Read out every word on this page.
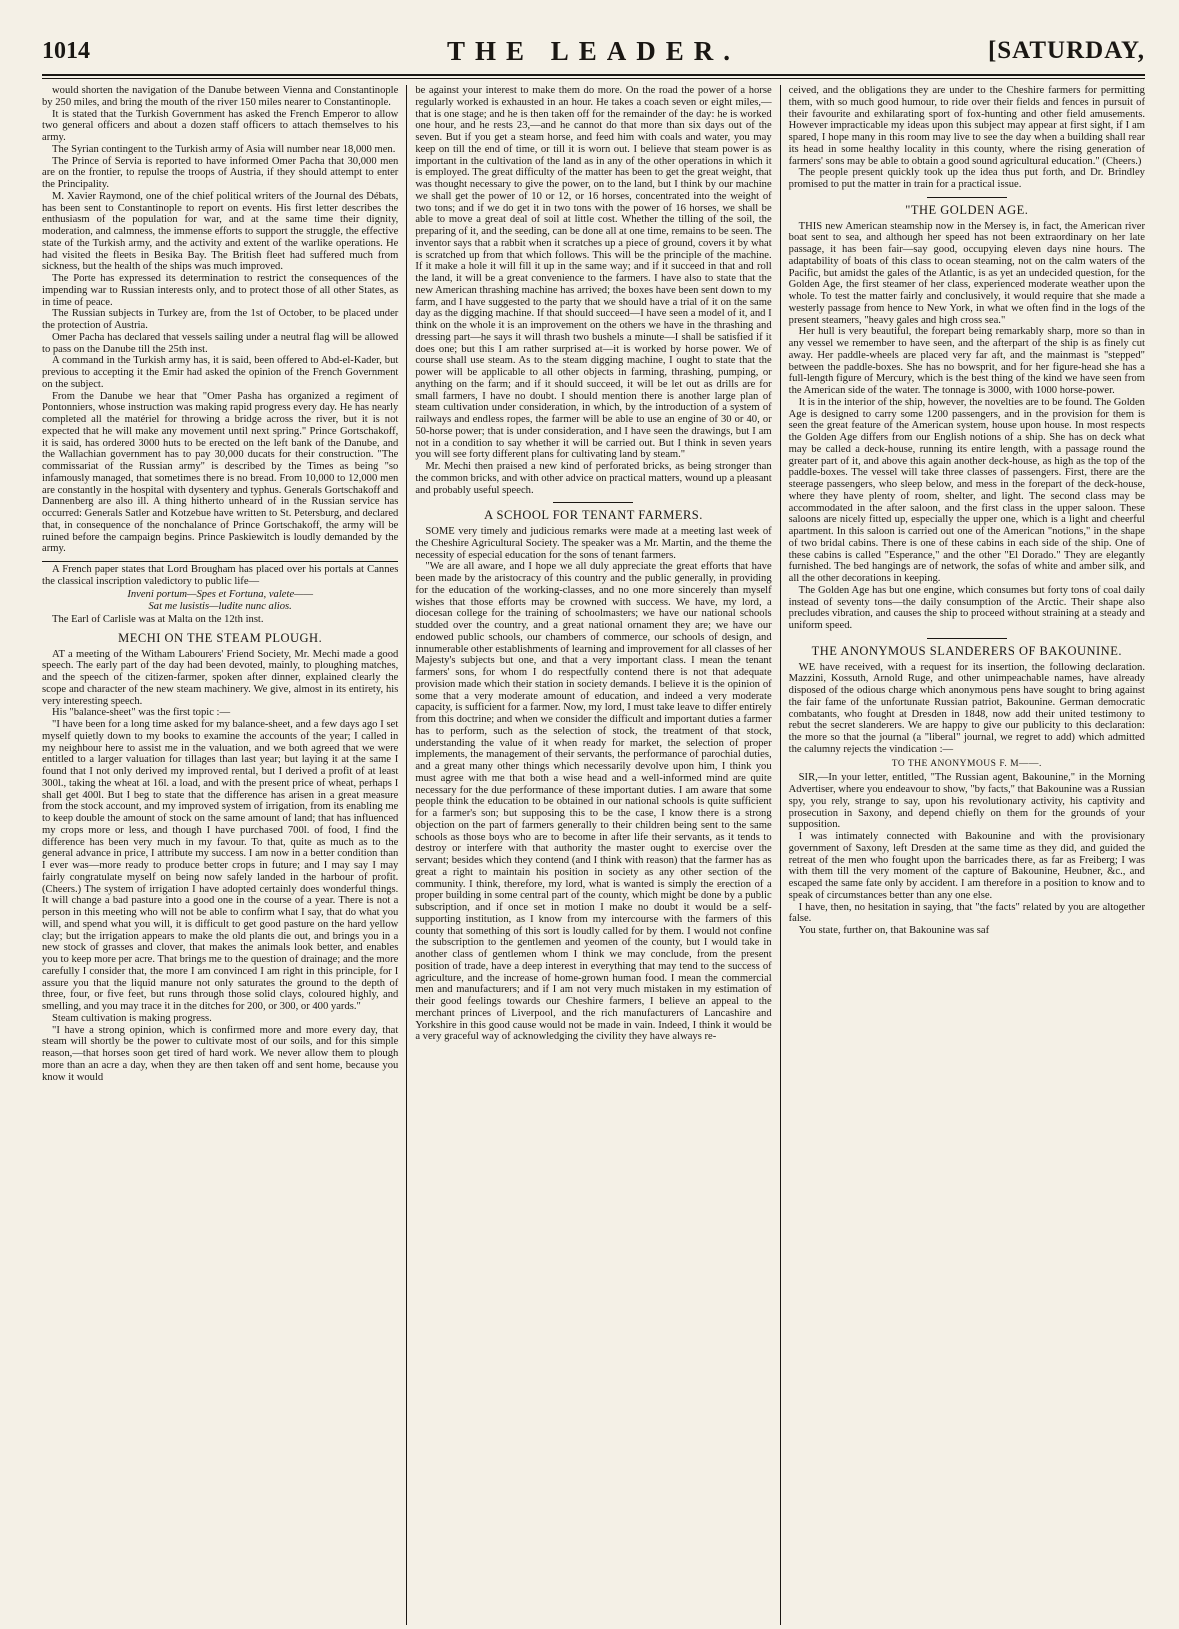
1014	THE LEADER.	[SATURDAY,

would shorten the navigation of the Danube between Vienna and Constantinople by 250 miles, and bring the mouth of the river 150 miles nearer to Constantinople.

It is stated that the Turkish Government has asked the French Emperor to allow two general officers and about a dozen staff officers to attach themselves to his army.

The Syrian contingent to the Turkish army of Asia will number near 18,000 men.

The Prince of Servia is reported to have informed Omer Pacha that 30,000 men are on the frontier, to repulse the troops of Austria, if they should attempt to enter the Principality.

M. Xavier Raymond, one of the chief political writers of the Journal des Débats, has been sent to Constantinople to report on events. His first letter describes the enthusiasm of the population for war, and at the same time their dignity, moderation, and calmness, the immense efforts to support the struggle, the effective state of the Turkish army, and the activity and extent of the warlike operations. He had visited the fleets in Besika Bay. The British fleet had suffered much from sickness, but the health of the ships was much improved.

The Porte has expressed its determination to restrict the consequences of the impending war to Russian interests only, and to protect those of all other States, as in time of peace.

The Russian subjects in Turkey are, from the 1st of October, to be placed under the protection of Austria.

Omer Pacha has declared that vessels sailing under a neutral flag will be allowed to pass on the Danube till the 25th inst.

A command in the Turkish army has, it is said, been offered to Abd-el-Kader, but previous to accepting it the Emir had asked the opinion of the French Government on the subject.

From the Danube we hear that "Omer Pasha has organized a regiment of Pontonniers, whose instruction was making rapid progress every day. He has nearly completed all the matériel for throwing a bridge across the river, but it is not expected that he will make any movement until next spring." Prince Gortschakoff, it is said, has ordered 3000 huts to be erected on the left bank of the Danube, and the Wallachian government has to pay 30,000 ducats for their construction. "The commissariat of the Russian army" is described by the Times as being "so infamously managed, that sometimes there is no bread. From 10,000 to 12,000 men are constantly in the hospital with dysentery and typhus. Generals Gortschakoff and Dannenberg are also ill. A thing hitherto unheard of in the Russian service has occurred: Generals Satler and Kotzebue have written to St. Petersburg, and declared that, in consequence of the nonchalance of Prince Gortschakoff, the army will be ruined before the campaign begins. Prince Paskiewitch is loudly demanded by the army.

A French paper states that Lord Brougham has placed over his portals at Cannes the classical inscription valedictory to public life—

Inveni portum—Spes et Fortuna, valete——

Sat me lusistis—ludite nunc alios.

The Earl of Carlisle was at Malta on the 12th inst.

MECHI ON THE STEAM PLOUGH.

AT a meeting of the Witham Labourers' Friend Society, Mr. Mechi made a good speech. The early part of the day had been devoted, mainly, to ploughing matches, and the speech of the citizen-farmer, spoken after dinner, explained clearly the scope and character of the new steam machinery. We give, almost in its entirety, his very interesting speech.

His "balance-sheet" was the first topic :—

"I have been for a long time asked for my balance-sheet, and a few days ago I set myself quietly down to my books to examine the accounts of the year; I called in my neighbour here to assist me in the valuation, and we both agreed that we were entitled to a larger valuation for tillages than last year; but laying it at the same I found that I not only derived my improved rental, but I derived a profit of at least 300l., taking the wheat at 16l. a load, and with the present price of wheat, perhaps I shall get 400l. But I beg to state that the difference has arisen in a great measure from the stock account, and my improved system of irrigation, from its enabling me to keep double the amount of stock on the same amount of land; that has influenced my crops more or less, and though I have purchased 700l. of food, I find the difference has been very much in my favour. To that, quite as much as to the general advance in price, I attribute my success. I am now in a better condition than I ever was—more ready to produce better crops in future; and I may say I may fairly congratulate myself on being now safely landed in the harbour of profit. (Cheers.) The system of irrigation I have adopted certainly does wonderful things. It will change a bad pasture into a good one in the course of a year. There is not a person in this meeting who will not be able to confirm what I say, that do what you will, and spend what you will, it is difficult to get good pasture on the hard yellow clay; but the irrigation appears to make the old plants die out, and brings you in a new stock of grasses and clover, that makes the animals look better, and enables you to keep more per acre. That brings me to the question of drainage; and the more carefully I consider that, the more I am convinced I am right in this principle, for I assure you that the liquid manure not only saturates the ground to the depth of three, four, or five feet, but runs through those solid clays, coloured highly, and smelling, and you may trace it in the ditches for 200, or 300, or 400 yards."

Steam cultivation is making progress.

"I have a strong opinion, which is confirmed more and more every day, that steam will shortly be the power to cultivate most of our soils, and for this simple reason,—that horses soon get tired of hard work. We never allow them to plough more than an acre a day, when they are then taken off and sent home, because you know it would

be against your interest to make them do more. On the road the power of a horse regularly worked is exhausted in an hour. He takes a coach seven or eight miles,—that is one stage; and he is then taken off for the remainder of the day: he is worked one hour, and he rests 23,—and he cannot do that more than six days out of the seven. But if you get a steam horse, and feed him with coals and water, you may keep on till the end of time, or till it is worn out. I believe that steam power is as important in the cultivation of the land as in any of the other operations in which it is employed. The great difficulty of the matter has been to get the great weight, that was thought necessary to give the power, on to the land, but I think by our machine we shall get the power of 10 or 12, or 16 horses, concentrated into the weight of two tons; and if we do get it in two tons with the power of 16 horses, we shall be able to move a great deal of soil at little cost. Whether the tilling of the soil, the preparing of it, and the seeding, can be done all at one time, remains to be seen. The inventor says that a rabbit when it scratches up a piece of ground, covers it by what is scratched up from that which follows. This will be the principle of the machine. If it make a hole it will fill it up in the same way; and if it succeed in that and roll the land, it will be a great convenience to the farmers. I have also to state that the new American thrashing machine has arrived; the boxes have been sent down to my farm, and I have suggested to the party that we should have a trial of it on the same day as the digging machine. If that should succeed—I have seen a model of it, and I think on the whole it is an improvement on the others we have in the thrashing and dressing part—he says it will thrash two bushels a minute—I shall be satisfied if it does one; but this I am rather surprised at—it is worked by horse power. We of course shall use steam. As to the steam digging machine, I ought to state that the power will be applicable to all other objects in farming, thrashing, pumping, or anything on the farm; and if it should succeed, it will be let out as drills are for small farmers, I have no doubt. I should mention there is another large plan of steam cultivation under consideration, in which, by the introduction of a system of railways and endless ropes, the farmer will be able to use an engine of 30 or 40, or 50-horse power; that is under consideration, and I have seen the drawings, but I am not in a condition to say whether it will be carried out. But I think in seven years you will see forty different plans for cultivating land by steam."

Mr. Mechi then praised a new kind of perforated bricks, as being stronger than the common bricks, and with other advice on practical matters, wound up a pleasant and probably useful speech.

A SCHOOL FOR TENANT FARMERS.

SOME very timely and judicious remarks were made at a meeting last week of the Cheshire Agricultural Society. The speaker was a Mr. Martin, and the theme the necessity of especial education for the sons of tenant farmers.

"We are all aware, and I hope we all duly appreciate the great efforts that have been made by the aristocracy of this country and the public generally, in providing for the education of the working-classes, and no one more sincerely than myself wishes that those efforts may be crowned with success. We have, my lord, a diocesan college for the training of schoolmasters; we have our national schools studded over the country, and a great national ornament they are; we have our endowed public schools, our chambers of commerce, our schools of design, and innumerable other establishments of learning and improvement for all classes of her Majesty's subjects but one, and that a very important class. I mean the tenant farmers' sons, for whom I do respectfully contend there is not that adequate provision made which their station in society demands. I believe it is the opinion of some that a very moderate amount of education, and indeed a very moderate capacity, is sufficient for a farmer. Now, my lord, I must take leave to differ entirely from this doctrine; and when we consider the difficult and important duties a farmer has to perform, such as the selection of stock, the treatment of that stock, understanding the value of it when ready for market, the selection of proper implements, the management of their servants, the performance of parochial duties, and a great many other things which necessarily devolve upon him, I think you must agree with me that both a wise head and a well-informed mind are quite necessary for the due performance of these important duties. I am aware that some people think the education to be obtained in our national schools is quite sufficient for a farmer's son; but supposing this to be the case, I know there is a strong objection on the part of farmers generally to their children being sent to the same schools as those boys who are to become in after life their servants, as it tends to destroy or interfere with that authority the master ought to exercise over the servant; besides which they contend (and I think with reason) that the farmer has as great a right to maintain his position in society as any other section of the community. I think, therefore, my lord, what is wanted is simply the erection of a proper building in some central part of the county, which might be done by a public subscription, and if once set in motion I make no doubt it would be a self-supporting institution, as I know from my intercourse with the farmers of this county that something of this sort is loudly called for by them. I would not confine the subscription to the gentlemen and yeomen of the county, but I would take in another class of gentlemen whom I think we may conclude, from the present position of trade, have a deep interest in everything that may tend to the success of agriculture, and the increase of home-grown human food. I mean the commercial men and manufacturers; and if I am not very much mistaken in my estimation of their good feelings towards our Cheshire farmers, I believe an appeal to the merchant princes of Liverpool, and the rich manufacturers of Lancashire and Yorkshire in this good cause would not be made in vain. Indeed, I think it would be a very graceful way of acknowledging the civility they have always re-

ceived, and the obligations they are under to the Cheshire farmers for permitting them, with so much good humour, to ride over their fields and fences in pursuit of their favourite and exhilarating sport of fox-hunting and other field amusements. However impracticable my ideas upon this subject may appear at first sight, if I am spared, I hope many in this room may live to see the day when a building shall rear its head in some healthy locality in this county, where the rising generation of farmers' sons may be able to obtain a good sound agricultural education." (Cheers.)

The people present quickly took up the idea thus put forth, and Dr. Brindley promised to put the matter in train for a practical issue.

"THE GOLDEN AGE.

THIS new American steamship now in the Mersey is, in fact, the American river boat sent to sea, and although her speed has not been extraordinary on her late passage, it has been fair—say good, occupying eleven days nine hours. The adaptability of boats of this class to ocean steaming, not on the calm waters of the Pacific, but amidst the gales of the Atlantic, is as yet an undecided question, for the Golden Age, the first steamer of her class, experienced moderate weather upon the whole. To test the matter fairly and conclusively, it would require that she made a westerly passage from hence to New York, in what we often find in the logs of the present steamers, "heavy gales and high cross sea."

Her hull is very beautiful, the forepart being remarkably sharp, more so than in any vessel we remember to have seen, and the afterpart of the ship is as finely cut away. Her paddle-wheels are placed very far aft, and the mainmast is "stepped" between the paddle-boxes. She has no bowsprit, and for her figure-head she has a full-length figure of Mercury, which is the best thing of the kind we have seen from the American side of the water. The tonnage is 3000, with 1000 horse-power.

It is in the interior of the ship, however, the novelties are to be found. The Golden Age is designed to carry some 1200 passengers, and in the provision for them is seen the great feature of the American system, house upon house. In most respects the Golden Age differs from our English notions of a ship. She has on deck what may be called a deck-house, running its entire length, with a passage round the greater part of it, and above this again another deck-house, as high as the top of the paddle-boxes. The vessel will take three classes of passengers. First, there are the steerage passengers, who sleep below, and mess in the forepart of the deck-house, where they have plenty of room, shelter, and light. The second class may be accommodated in the after saloon, and the first class in the upper saloon. These saloons are nicely fitted up, especially the upper one, which is a light and cheerful apartment. In this saloon is carried out one of the American "notions," in the shape of two bridal cabins. There is one of these cabins in each side of the ship. One of these cabins is called "Esperance," and the other "El Dorado." They are elegantly furnished. The bed hangings are of network, the sofas of white and amber silk, and all the other decorations in keeping.

The Golden Age has but one engine, which consumes but forty tons of coal daily instead of seventy tons—the daily consumption of the Arctic. Their shape also precludes vibration, and causes the ship to proceed without straining at a steady and uniform speed.

THE ANONYMOUS SLANDERERS OF BAKOUNINE.

WE have received, with a request for its insertion, the following declaration. Mazzini, Kossuth, Arnold Ruge, and other unimpeachable names, have already disposed of the odious charge which anonymous pens have sought to bring against the fair fame of the unfortunate Russian patriot, Bakounine. German democratic combatants, who fought at Dresden in 1848, now add their united testimony to rebut the secret slanderers. We are happy to give our publicity to this declaration: the more so that the journal (a "liberal" journal, we regret to add) which admitted the calumny rejects the vindication :—

TO THE ANONYMOUS F. M——.

SIR,—In your letter, entitled, "The Russian agent, Bakounine," in the Morning Advertiser, where you endeavour to show, "by facts," that Bakounine was a Russian spy, you rely, strange to say, upon his revolutionary activity, his captivity and prosecution in Saxony, and depend chiefly on them for the grounds of your supposition.

I was intimately connected with Bakounine and with the provisionary government of Saxony, left Dresden at the same time as they did, and guided the retreat of the men who fought upon the barricades there, as far as Freiberg; I was with them till the very moment of the capture of Bakounine, Heubner, &c., and escaped the same fate only by accident. I am therefore in a position to know and to speak of circumstances better than any one else.

I have, then, no hesitation in saying, that "the facts" related by you are altogether false.

You state, further on, that Bakounine was saf
